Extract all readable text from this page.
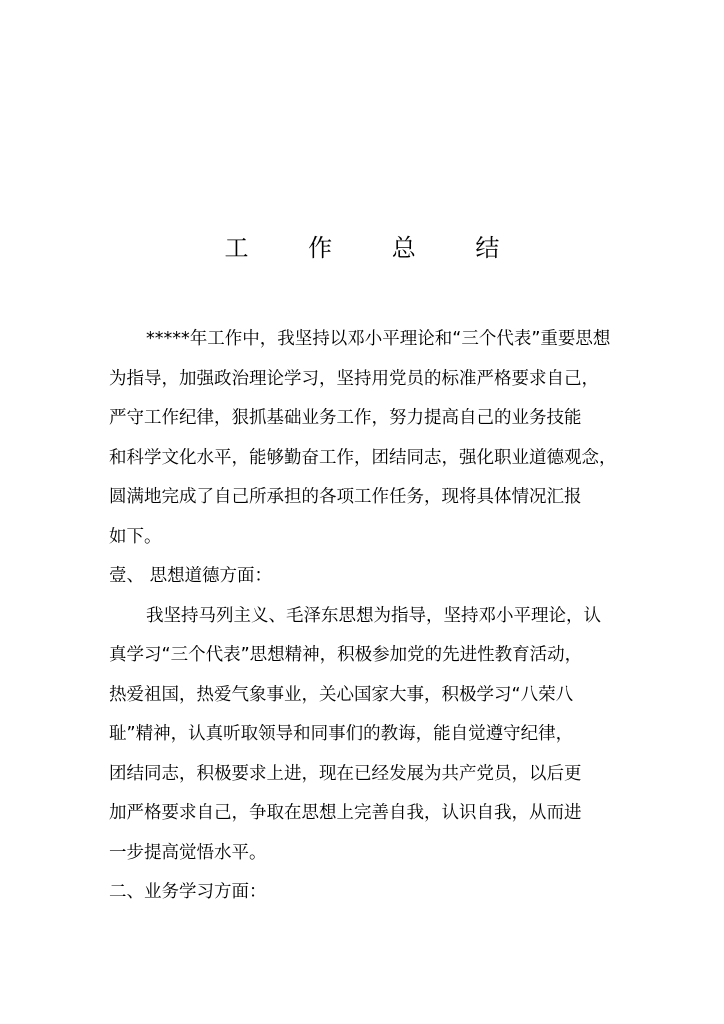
工 作 总 结
*****年工作中，我坚持以邓小平理论和“三个代表”重要思想
为指导，加强政治理论学习，坚持用党员的标准严格要求自己，
严守工作纪律，狠抓基础业务工作，努力提高自己的业务技能
和科学文化水平，能够勤奋工作，团结同志，强化职业道德观念，
圆满地完成了自己所承担的各项工作任务，现将具体情况汇报
如下。
壹、 思想道德方面：
我坚持马列主义、毛泽东思想为指导，坚持邓小平理论，认
真学习“三个代表”思想精神，积极参加党的先进性教育活动，
热爱祖国，热爱气象事业，关心国家大事，积极学习“八荣八
耻”精神，认真听取领导和同事们的教诲，能自觉遵守纪律，
团结同志，积极要求上进，现在已经发展为共产党员，以后更
加严格要求自己，争取在思想上完善自我，认识自我，从而进
一步提高觉悟水平。
二、业务学习方面：
